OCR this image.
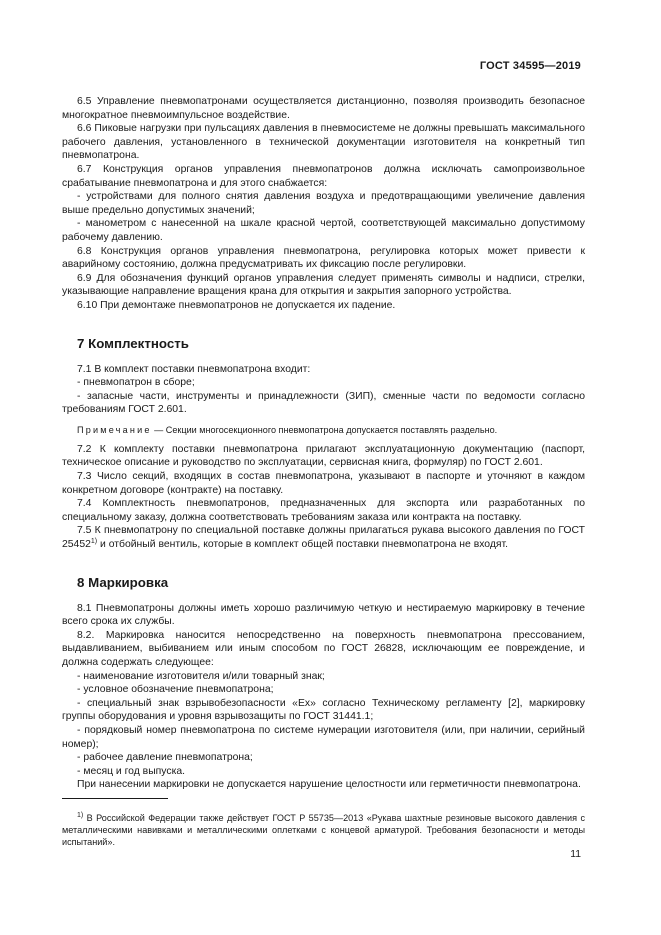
ГОСТ 34595—2019

6.5 Управление пневмопатронами осуществляется дистанционно, позволяя производить безопасное многократное пневмоимпульсное воздействие.

6.6 Пиковые нагрузки при пульсациях давления в пневмосистеме не должны превышать максимального рабочего давления, установленного в технической документации изготовителя на конкретный тип пневмопатрона.

6.7 Конструкция органов управления пневмопатронов должна исключать самопроизвольное срабатывание пневмопатрона и для этого снабжается:

- устройствами для полного снятия давления воздуха и предотвращающими увеличение давления выше предельно допустимых значений;

- манометром с нанесенной на шкале красной чертой, соответствующей максимально допустимому рабочему давлению.

6.8 Конструкция органов управления пневмопатрона, регулировка которых может привести к аварийному состоянию, должна предусматривать их фиксацию после регулировки.

6.9 Для обозначения функций органов управления следует применять символы и надписи, стрелки, указывающие направление вращения крана для открытия и закрытия запорного устройства.

6.10 При демонтаже пневмопатронов не допускается их падение.

7 Комплектность

7.1 В комплект поставки пневмопатрона входит:

- пневмопатрон в сборе;

- запасные части, инструменты и принадлежности (ЗИП), сменные части по ведомости согласно требованиям ГОСТ 2.601.

Примечание — Секции многосекционного пневмопатрона допускается поставлять раздельно.

7.2 К комплекту поставки пневмопатрона прилагают эксплуатационную документацию (паспорт, техническое описание и руководство по эксплуатации, сервисная книга, формуляр) по ГОСТ 2.601.

7.3 Число секций, входящих в состав пневмопатрона, указывают в паспорте и уточняют в каждом конкретном договоре (контракте) на поставку.

7.4 Комплектность пневмопатронов, предназначенных для экспорта или разработанных по специальному заказу, должна соответствовать требованиям заказа или контракта на поставку.

7.5 К пневмопатрону по специальной поставке должны прилагаться рукава высокого давления по ГОСТ 25452$^{1)}$ и отбойный вентиль, которые в комплект общей поставки пневмопатрона не входят.

8 Маркировка

8.1 Пневмопатроны должны иметь хорошо различимую четкую и нестираемую маркировку в течение всего срока их службы.

8.2. Маркировка наносится непосредственно на поверхность пневмопатрона прессованием, выдавливанием, выбиванием или иным способом по ГОСТ 26828, исключающим ее повреждение, и должна содержать следующее:

- наименование изготовителя и/или товарный знак;

- условное обозначение пневмопатрона;

- специальный знак взрывобезопасности «Ex» согласно Техническому регламенту [2], маркировку группы оборудования и уровня взрывозащиты по ГОСТ 31441.1;

- порядковый номер пневмопатрона по системе нумерации изготовителя (или, при наличии, серийный номер);

- рабочее давление пневмопатрона;

- месяц и год выпуска.

При нанесении маркировки не допускается нарушение целостности или герметичности пневмопатрона.

$^{1)}$ В Российской Федерации также действует ГОСТ Р 55735—2013 «Рукава шахтные резиновые высокого давления с металлическими навивками и металлическими оплетками с концевой арматурой. Требования безопасности и методы испытаний».

11
